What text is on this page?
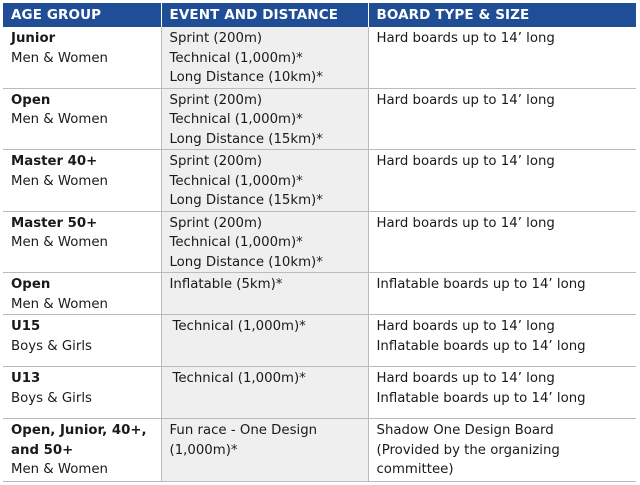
AGE GROUP	EVENT AND DISTANCE	BOARD TYPE & SIZE

Junior
Men & Women	Sprint (200m)
Technical (1,000m)*
Long Distance (10km)*	Hard boards up to 14’ long

Open
Men & Women	Sprint (200m)
Technical (1,000m)*
Long Distance (15km)*	Hard boards up to 14’ long

Master 40+
Men & Women	Sprint (200m)
Technical (1,000m)*
Long Distance (15km)*	Hard boards up to 14’ long

Master 50+
Men & Women	Sprint (200m)
Technical (1,000m)*
Long Distance (10km)*	Hard boards up to 14’ long

Open
Men & Women	Inflatable (5km)*	Inflatable boards up to 14’ long

U15
Boys & Girls	Technical (1,000m)*	Hard boards up to 14’ long
Inflatable boards up to 14’ long

U13
Boys & Girls	Technical (1,000m)*	Hard boards up to 14’ long
Inflatable boards up to 14’ long

Open, Junior, 40+,
and 50+
Men & Women	Fun race - One Design
(1,000m)*	Shadow One Design Board
(Provided by the organizing
committee)
